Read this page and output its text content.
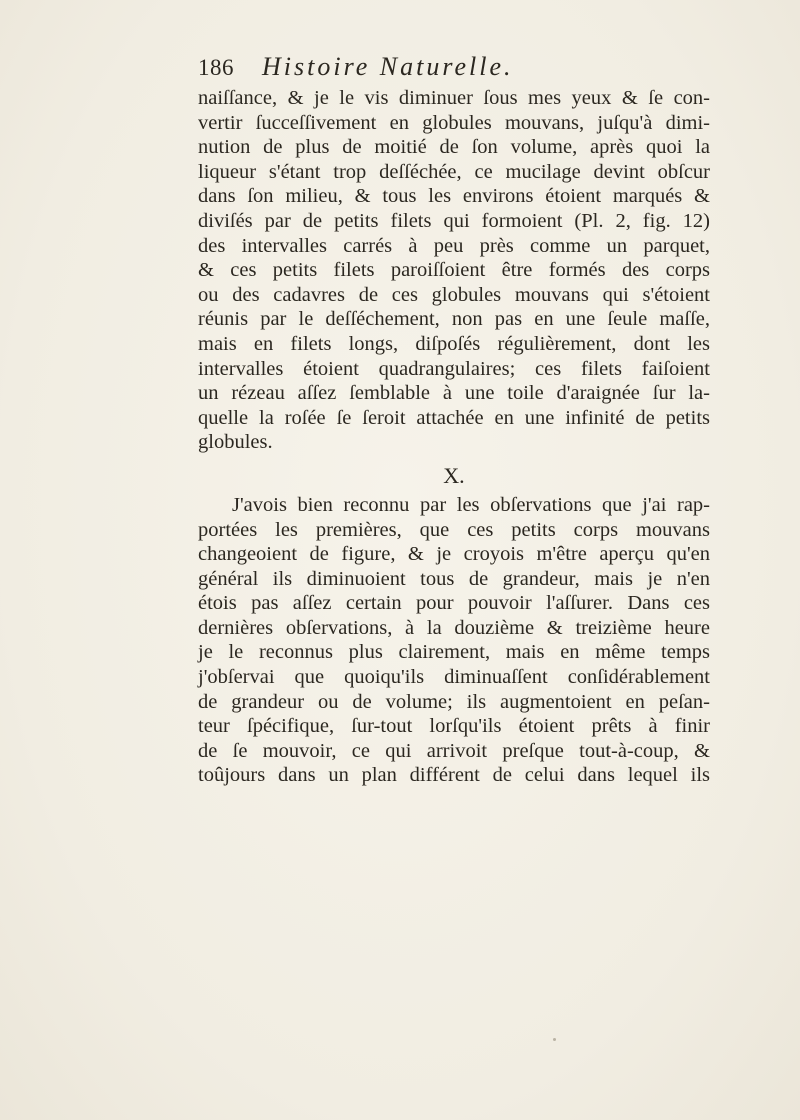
186 Histoire Naturelle.
naiſſance, & je le vis diminuer ſous mes yeux & ſe con-
vertir ſucceſſivement en globules mouvans, juſqu'à dimi-
nution de plus de moitié de ſon volume, après quoi la
liqueur s'étant trop deſſéchée, ce mucilage devint obſcur
dans ſon milieu, & tous les environs étoient marqués &
diviſés par de petits filets qui formoient (Pl. 2, fig. 12)
des intervalles carrés à peu près comme un parquet,
& ces petits filets paroiſſoient être formés des corps
ou des cadavres de ces globules mouvans qui s'étoient
réunis par le deſſéchement, non pas en une ſeule maſſe,
mais en filets longs, diſpoſés régulièrement, dont les
intervalles étoient quadrangulaires; ces filets faiſoient
un rézeau aſſez ſemblable à une toile d'araignée ſur la-
quelle la roſée ſe ſeroit attachée en une infinité de petits
globules.
X.
J'avois bien reconnu par les obſervations que j'ai rap-
portées les premières, que ces petits corps mouvans
changeoient de figure, & je croyois m'être aperçu qu'en
général ils diminuoient tous de grandeur, mais je n'en
étois pas aſſez certain pour pouvoir l'aſſurer. Dans ces
dernières obſervations, à la douzième & treizième heure
je le reconnus plus clairement, mais en même temps
j'obſervai que quoiqu'ils diminuaſſent conſidérablement
de grandeur ou de volume; ils augmentoient en peſan-
teur ſpécifique, ſur-tout lorſqu'ils étoient prêts à finir
de ſe mouvoir, ce qui arrivoit preſque tout-à-coup, &
toûjours dans un plan différent de celui dans lequel ils
